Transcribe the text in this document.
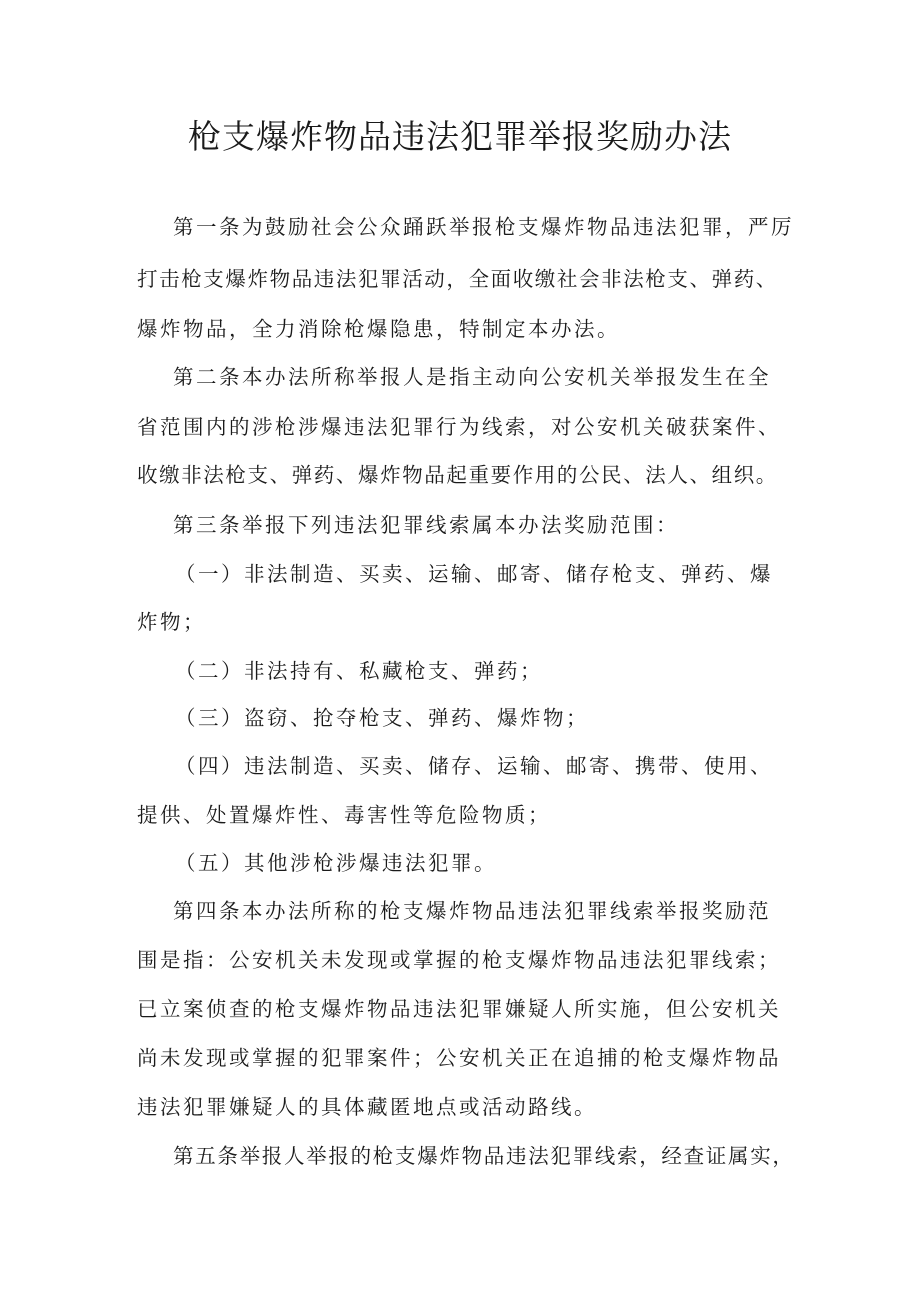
枪支爆炸物品违法犯罪举报奖励办法

第一条为鼓励社会公众踊跃举报枪支爆炸物品违法犯罪，严厉

打击枪支爆炸物品违法犯罪活动，全面收缴社会非法枪支、弹药、

爆炸物品，全力消除枪爆隐患，特制定本办法。

第二条本办法所称举报人是指主动向公安机关举报发生在全

省范围内的涉枪涉爆违法犯罪行为线索，对公安机关破获案件、

收缴非法枪支、弹药、爆炸物品起重要作用的公民、法人、组织。

第三条举报下列违法犯罪线索属本办法奖励范围：

（一）非法制造、买卖、运输、邮寄、储存枪支、弹药、爆

炸物；

（二）非法持有、私藏枪支、弹药；

（三）盗窃、抢夺枪支、弹药、爆炸物；

（四）违法制造、买卖、储存、运输、邮寄、携带、使用、

提供、处置爆炸性、毒害性等危险物质；

（五）其他涉枪涉爆违法犯罪。

第四条本办法所称的枪支爆炸物品违法犯罪线索举报奖励范

围是指：公安机关未发现或掌握的枪支爆炸物品违法犯罪线索；

已立案侦查的枪支爆炸物品违法犯罪嫌疑人所实施，但公安机关

尚未发现或掌握的犯罪案件；公安机关正在追捕的枪支爆炸物品

违法犯罪嫌疑人的具体藏匿地点或活动路线。

第五条举报人举报的枪支爆炸物品违法犯罪线索，经查证属实，
